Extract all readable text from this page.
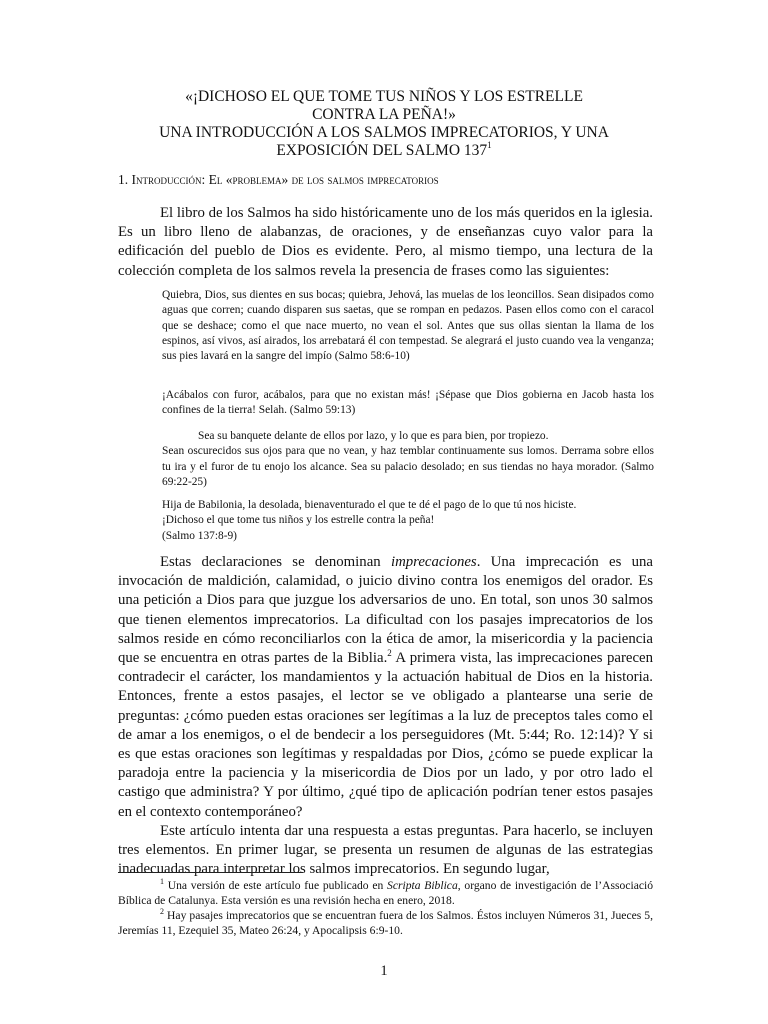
«¡DICHOSO EL QUE TOME TUS NIÑOS Y LOS ESTRELLE
CONTRA LA PEÑA!»
UNA INTRODUCCIÓN A LOS SALMOS IMPRECATORIOS, Y UNA
EXPOSICIÓN DEL SALMO $137^1$
1. Introducción: El «problema» de los salmos imprecatorios

El libro de los Salmos ha sido históricamente uno de los más queridos en la iglesia. Es un libro lleno de alabanzas, de oraciones, y de enseñanzas cuyo valor para la edificación del pueblo de Dios es evidente. Pero, al mismo tiempo, una lectura de la colección completa de los salmos revela la presencia de frases como las siguientes:

Quiebra, Dios, sus dientes en sus bocas; quiebra, Jehová, las muelas de los leoncillos. Sean disipados como aguas que corren; cuando disparen sus saetas, que se rompan en pedazos. Pasen ellos como con el caracol que se deshace; como el que nace muerto, no vean el sol. Antes que sus ollas sientan la llama de los espinos, así vivos, así airados, los arrebatará él con tempestad. Se alegrará el justo cuando vea la venganza; sus pies lavará en la sangre del impío (Salmo 58:6-10)

¡Acábalos con furor, acábalos, para que no existan más! ¡Sépase que Dios gobierna en Jacob hasta los confines de la tierra! Selah. (Salmo 59:13)

Sea su banquete delante de ellos por lazo, y lo que es para bien, por tropiezo.

Sean oscurecidos sus ojos para que no vean, y haz temblar continuamente sus lomos. Derrama sobre ellos tu ira y el furor de tu enojo los alcance. Sea su palacio desolado; en sus tiendas no haya morador. (Salmo 69:22-25)

Hija de Babilonia, la desolada, bienaventurado el que te dé el pago de lo que tú nos hiciste.

¡Dichoso el que tome tus niños y los estrelle contra la peña!

(Salmo 137:8-9)

Estas declaraciones se denominan imprecaciones. Una imprecación es una invocación de maldición, calamidad, o juicio divino contra los enemigos del orador. Es una petición a Dios para que juzgue los adversarios de uno. En total, son unos 30 salmos que tienen elementos imprecatorios. La dificultad con los pasajes imprecatorios de los salmos reside en cómo reconciliarlos con la ética de amor, la misericordia y la paciencia que se encuentra en otras partes de la Biblia.$^2$ A primera vista, las imprecaciones parecen contradecir el carácter, los mandamientos y la actuación habitual de Dios en la historia. Entonces, frente a estos pasajes, el lector se ve obligado a plantearse una serie de preguntas: ¿cómo pueden estas oraciones ser legítimas a la luz de preceptos tales como el de amar a los enemigos, o el de bendecir a los perseguidores (Mt. 5:44; Ro. 12:14)? Y si es que estas oraciones son legítimas y respaldadas por Dios, ¿cómo se puede explicar la paradoja entre la paciencia y la misericordia de Dios por un lado, y por otro lado el castigo que administra? Y por último, ¿qué tipo de aplicación podrían tener estos pasajes en el contexto contemporáneo?

Este artículo intenta dar una respuesta a estas preguntas. Para hacerlo, se incluyen tres elementos. En primer lugar, se presenta un resumen de algunas de las estrategias inadecuadas para interpretar los salmos imprecatorios. En segundo lugar,

$^1$ Una versión de este artículo fue publicado en Scripta Biblica, organo de investigación de l’Associació Bíblica de Catalunya. Esta versión es una revisión hecha en enero, 2018.

$^2$ Hay pasajes imprecatorios que se encuentran fuera de los Salmos. Éstos incluyen Números 31, Jueces 5, Jeremías 11, Ezequiel 35, Mateo 26:24, y Apocalipsis 6:9-10.

1
